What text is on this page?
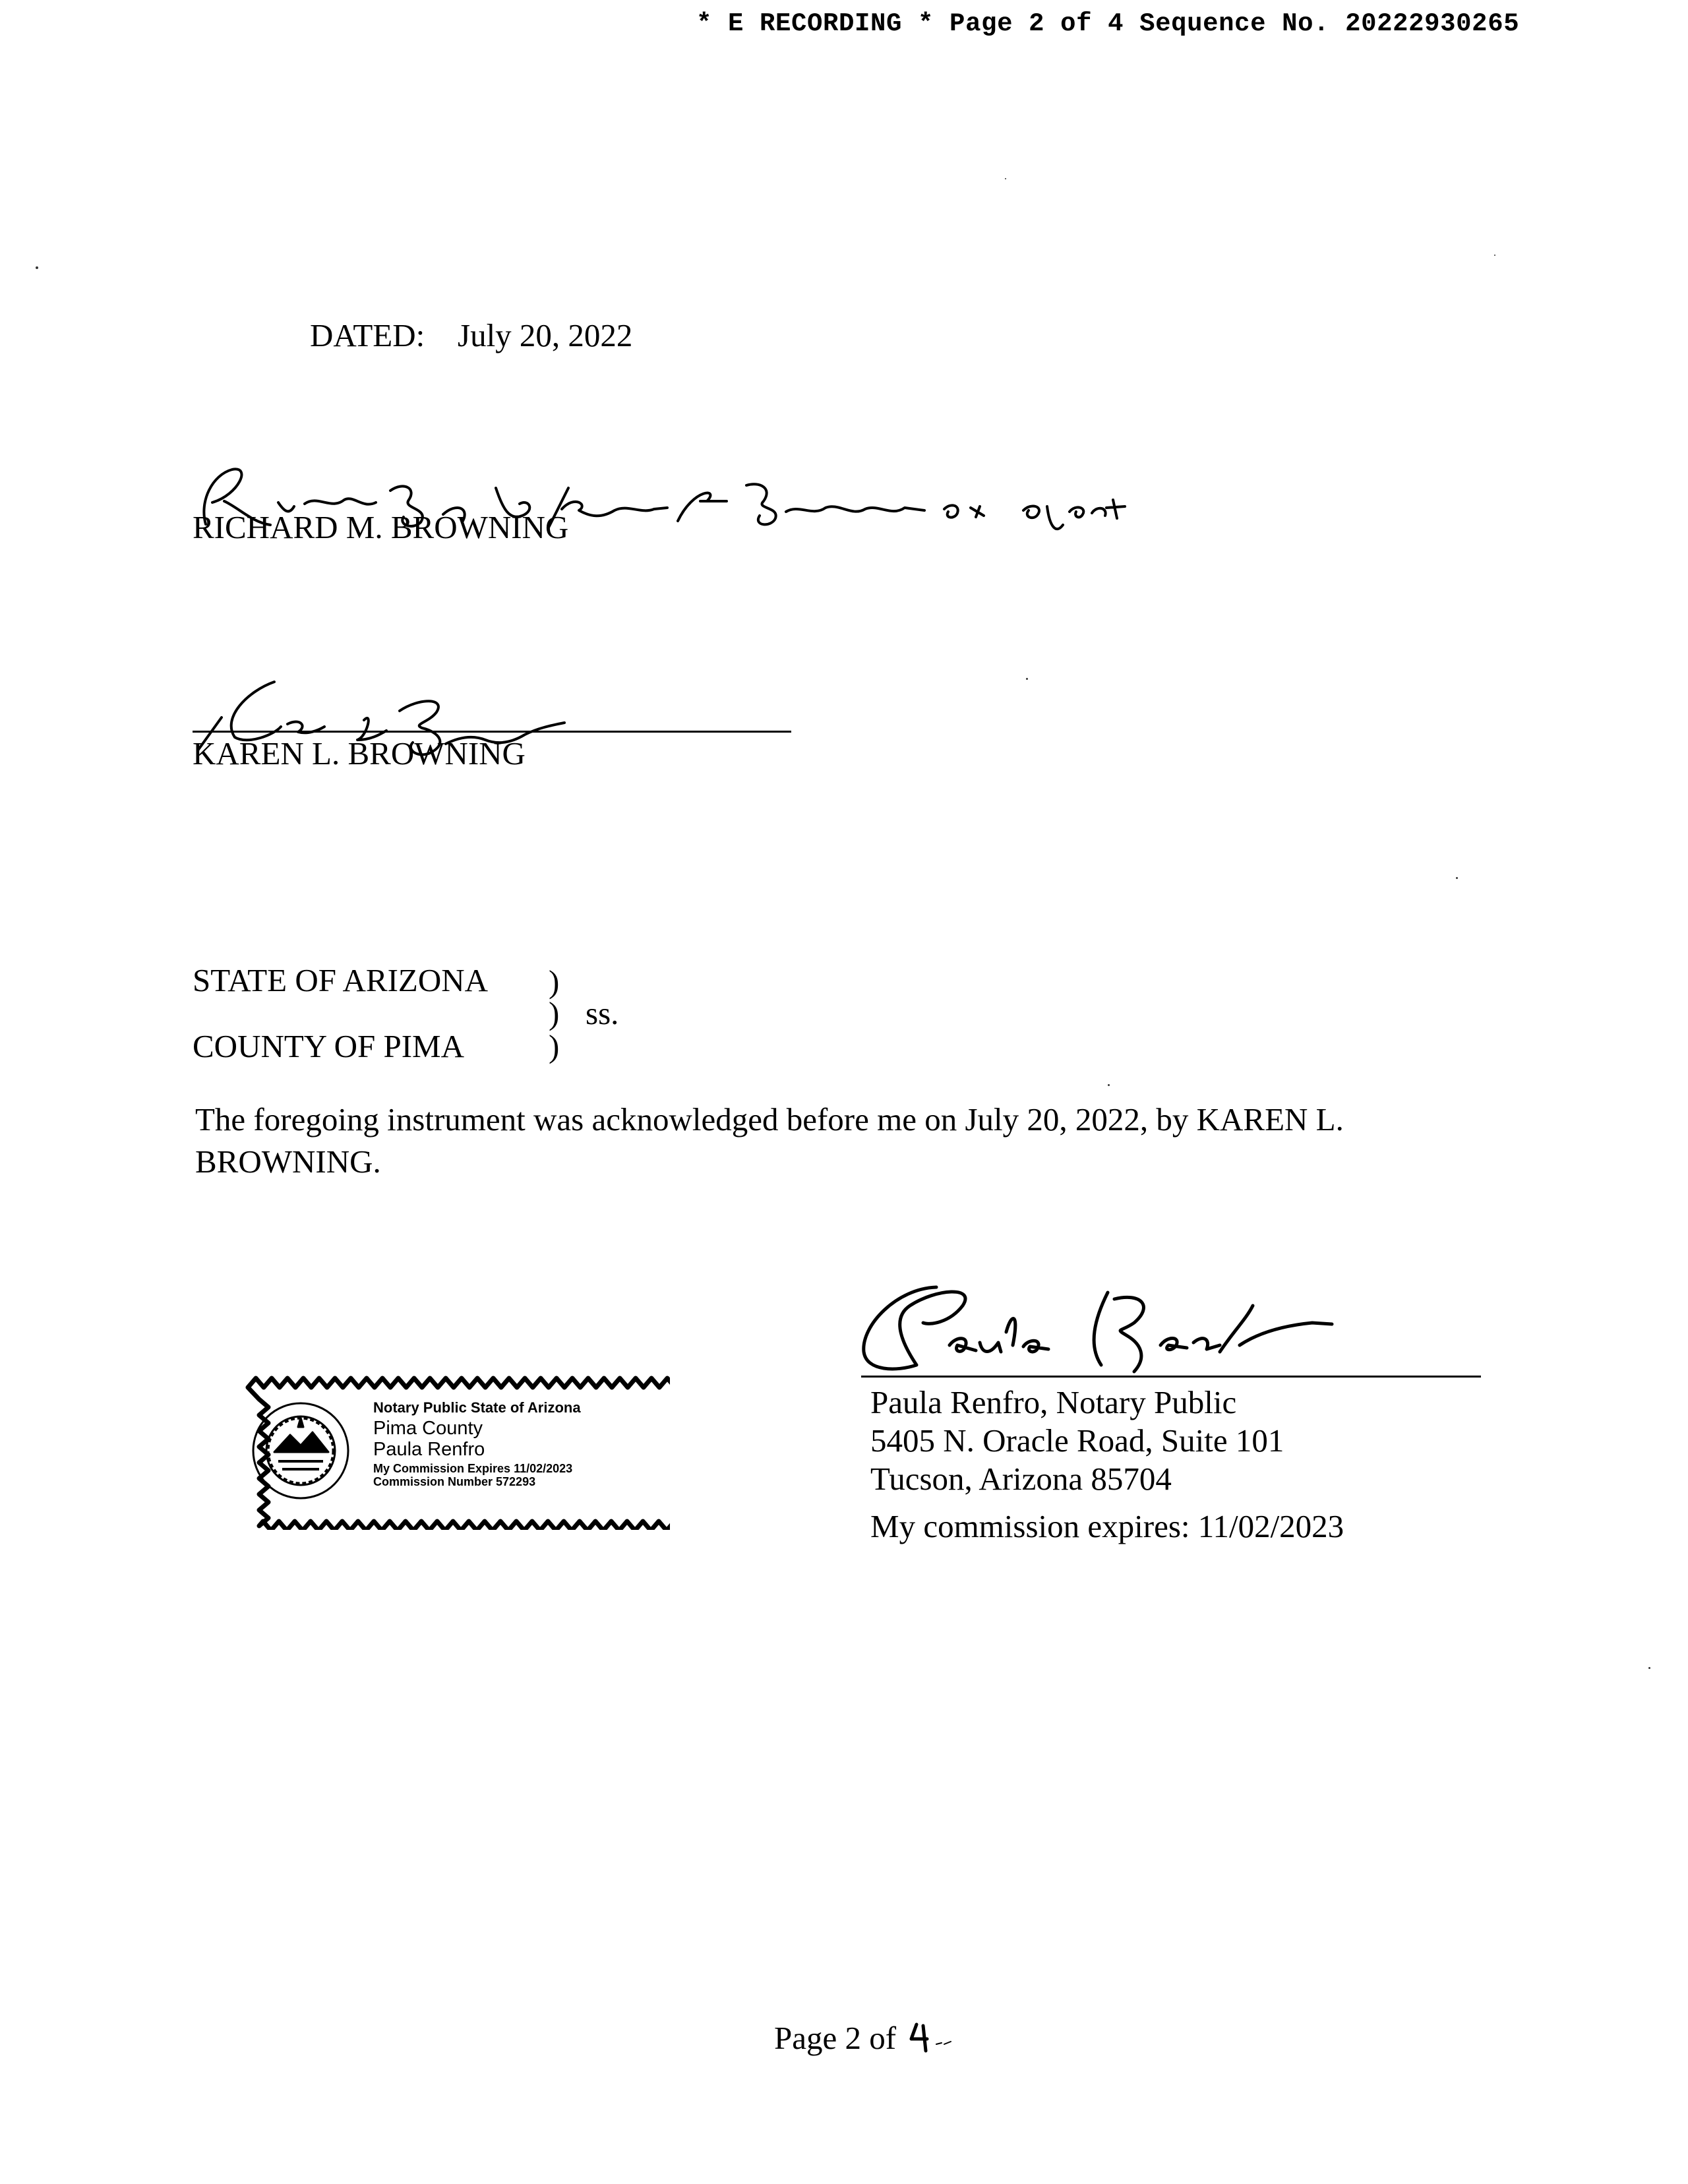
* E RECORDING * Page 2 of 4 Sequence No. 20222930265
DATED: July 20, 2022
RICHARD M. BROWNING
KAREN L. BROWNING
STATE OF ARIZONA )
) ss.
COUNTY OF PIMA	)
The foregoing instrument was acknowledged before me on July 20, 2022, by KAREN L.
BROWNING.
Notary Public State of Arizona
Pima County
Paula Renfro
My Commission Expires 11/02/2023
Commission Number 572293
Paula Renfro, Notary Public
5405 N. Oracle Road, Suite 101
Tucson, Arizona 85704
My commission expires: 11/02/2023
Page 2 of
